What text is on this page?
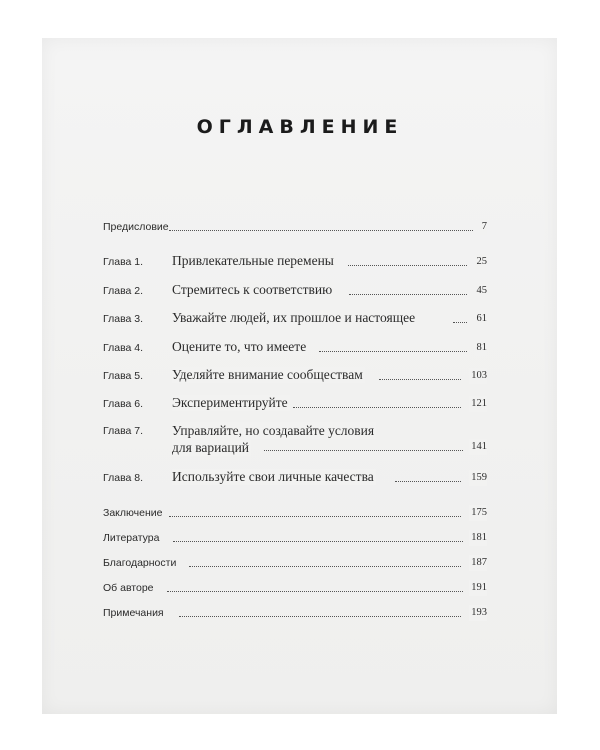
ОГЛАВЛЕНИЕ
Предисловие	7
Глава 1. Привлекательные перемены	25
Глава 2. Стремитесь к соответствию	45
Глава 3. Уважайте людей, их прошлое и настоящее	61
Глава 4. Оцените то, что имеете	81
Глава 5. Уделяйте внимание сообществам	103
Глава 6. Экспериментируйте	121
Глава 7. Управляйте, но создавайте условия
для вариаций	141
Глава 8. Используйте свои личные качества	159
Заключение	175
Литература	181
Благодарности	187
Об авторе	191
Примечания	193
